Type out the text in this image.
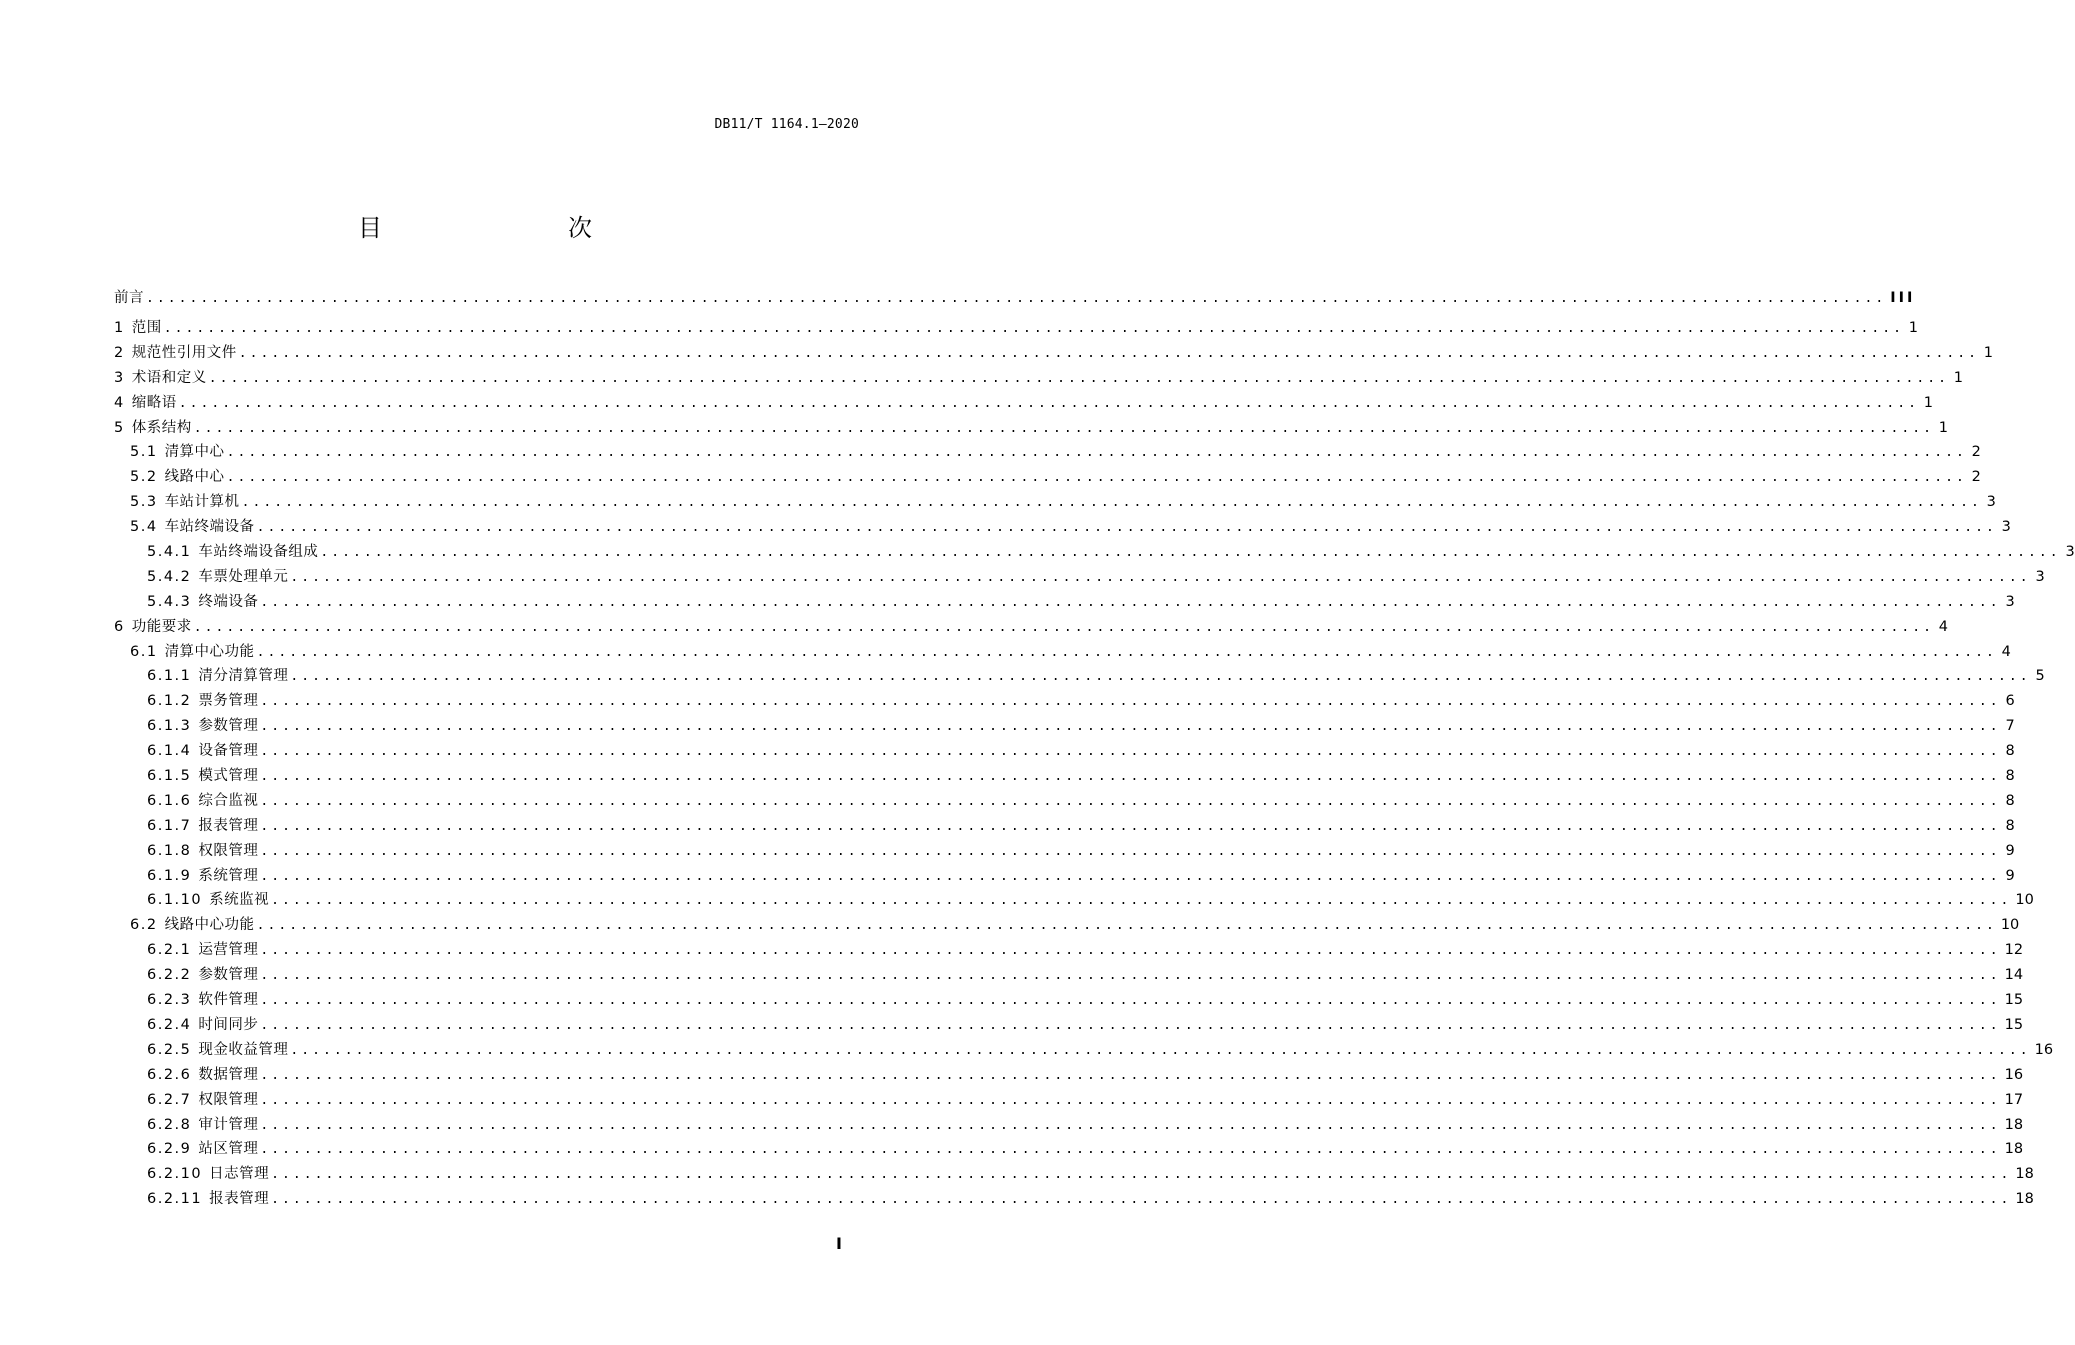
DB11/T 1164.1—2020
目　　次
前言 ................................................................................................................................................................ III
1 范围 ................................................................................................................................................................ 1
2 规范性引用文件 ................................................................................................................................................................ 1
3 术语和定义 ................................................................................................................................................................ 1
4 缩略语 ................................................................................................................................................................ 1
5 体系结构 ................................................................................................................................................................ 1
5.1 清算中心 ................................................................................................................................................................ 2
5.2 线路中心 ................................................................................................................................................................ 2
5.3 车站计算机 ................................................................................................................................................................ 3
5.4 车站终端设备 ................................................................................................................................................................ 3
5.4.1 车站终端设备组成 ................................................................................................................................................................ 3
5.4.2 车票处理单元 ................................................................................................................................................................ 3
5.4.3 终端设备 ................................................................................................................................................................ 3
6 功能要求 ................................................................................................................................................................ 4
6.1 清算中心功能 ................................................................................................................................................................ 4
6.1.1 清分清算管理 ................................................................................................................................................................ 5
6.1.2 票务管理 ................................................................................................................................................................ 6
6.1.3 参数管理 ................................................................................................................................................................ 7
6.1.4 设备管理 ................................................................................................................................................................ 8
6.1.5 模式管理 ................................................................................................................................................................ 8
6.1.6 综合监视 ................................................................................................................................................................ 8
6.1.7 报表管理 ................................................................................................................................................................ 8
6.1.8 权限管理 ................................................................................................................................................................ 9
6.1.9 系统管理 ................................................................................................................................................................ 9
6.1.10 系统监视 ................................................................................................................................................................ 10
6.2 线路中心功能 ................................................................................................................................................................ 10
6.2.1 运营管理 ................................................................................................................................................................ 12
6.2.2 参数管理 ................................................................................................................................................................ 14
6.2.3 软件管理 ................................................................................................................................................................ 15
6.2.4 时间同步 ................................................................................................................................................................ 15
6.2.5 现金收益管理 ................................................................................................................................................................ 16
6.2.6 数据管理 ................................................................................................................................................................ 16
6.2.7 权限管理 ................................................................................................................................................................ 17
6.2.8 审计管理 ................................................................................................................................................................ 18
6.2.9 站区管理 ................................................................................................................................................................ 18
6.2.10 日志管理 ................................................................................................................................................................ 18
6.2.11 报表管理 ................................................................................................................................................................ 18
I
